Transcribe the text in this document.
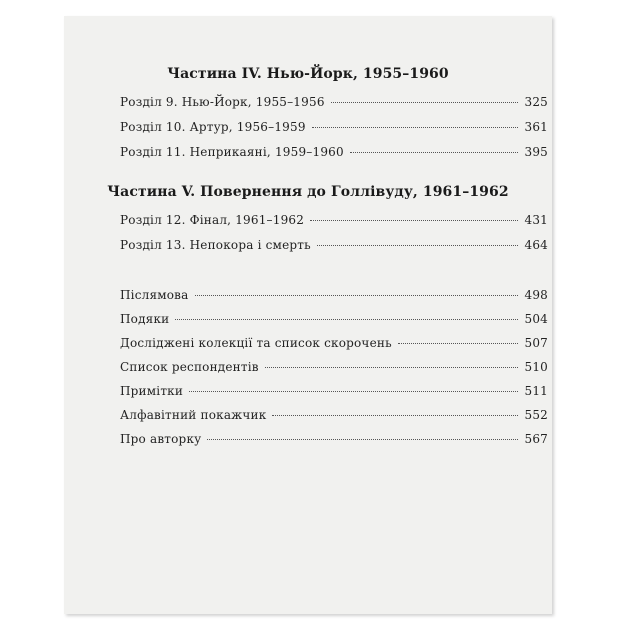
Частина IV. Нью-Йорк, 1955–1960
Розділ 9. Нью-Йорк, 1955–1956	325
Розділ 10. Артур, 1956–1959	361
Розділ 11. Неприкаяні, 1959–1960	395
Частина V. Повернення до Голлівуду, 1961–1962
Розділ 12. Фінал, 1961–1962	431
Розділ 13. Непокора і смерть	464
Післямова	498
Подяки	504
Досліджені колекції та список скорочень	507
Список респондентів	510
Примітки	511
Алфавітний покажчик	552
Про авторку	567
